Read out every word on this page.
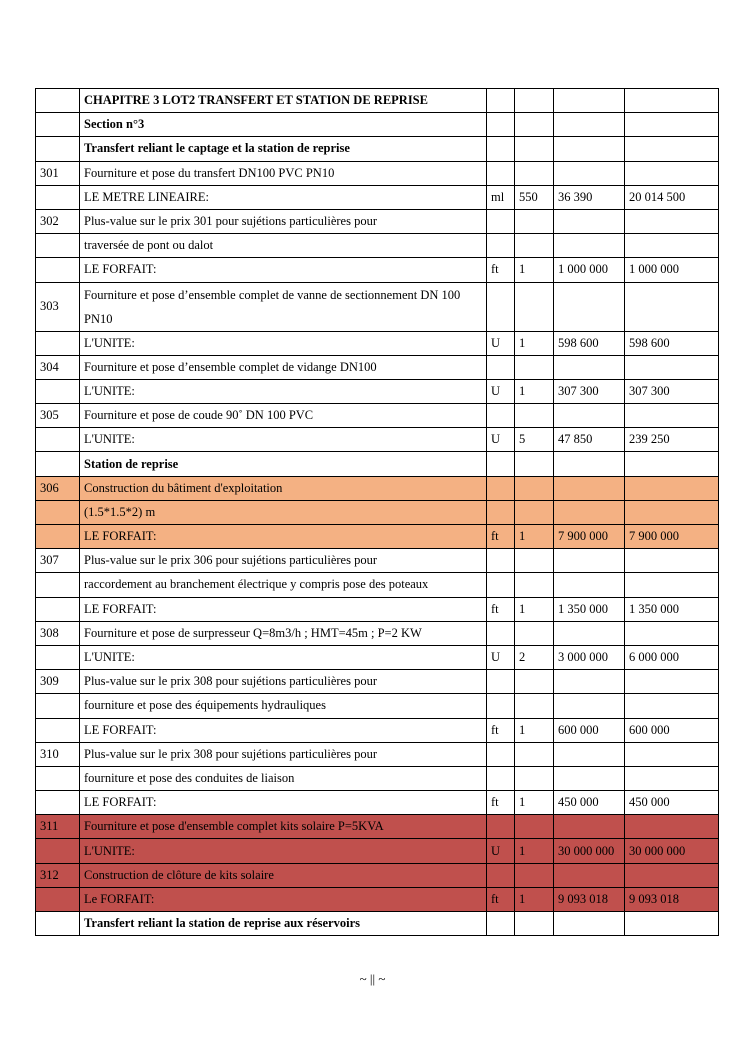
	CHAPITRE 3 LOT2 TRANSFERT ET STATION DE REPRISE				
	Section n°3				
	Transfert reliant le captage et la station de reprise				
301	Fourniture et pose du transfert DN100 PVC PN10				
	LE METRE LINEAIRE:	ml	550	36 390	20 014 500
302	Plus-value sur le prix 301 pour sujétions particulières pour				
	traversée de pont ou dalot				
	LE FORFAIT:	ft	1	1 000 000	1 000 000
303	Fourniture et pose d’ensemble complet de vanne de sectionnement DN 100 PN10				
	L'UNITE:	U	1	598 600	598 600
304	Fourniture et pose d’ensemble complet de vidange DN100				
	L'UNITE:	U	1	307 300	307 300
305	Fourniture et pose de coude 90˚ DN 100 PVC				
	L'UNITE:	U	5	47 850	239 250
	Station de reprise				
306	Construction du bâtiment d'exploitation				
	(1.5*1.5*2) m				
	LE FORFAIT:	ft	1	7 900 000	7 900 000
307	Plus-value sur le prix 306 pour sujétions particulières pour				
	raccordement au branchement électrique y compris pose des poteaux				
	LE FORFAIT:	ft	1	1 350 000	1 350 000
308	Fourniture et pose de surpresseur Q=8m3/h ; HMT=45m ; P=2 KW				
	L'UNITE:	U	2	3 000 000	6 000 000
309	Plus-value sur le prix 308 pour sujétions particulières pour				
	fourniture et pose des équipements hydrauliques				
	LE FORFAIT:	ft	1	600 000	600 000
310	Plus-value sur le prix 308 pour sujétions particulières pour				
	fourniture et pose des conduites de liaison				
	LE FORFAIT:	ft	1	450 000	450 000
311	Fourniture et pose d'ensemble complet kits solaire P=5KVA				
	L'UNITE:	U	1	30 000 000	30 000 000
312	Construction de clôture de kits solaire				
	Le FORFAIT:	ft	1	9 093 018	9 093 018
	Transfert reliant la station de reprise aux réservoirs				
~ || ~
